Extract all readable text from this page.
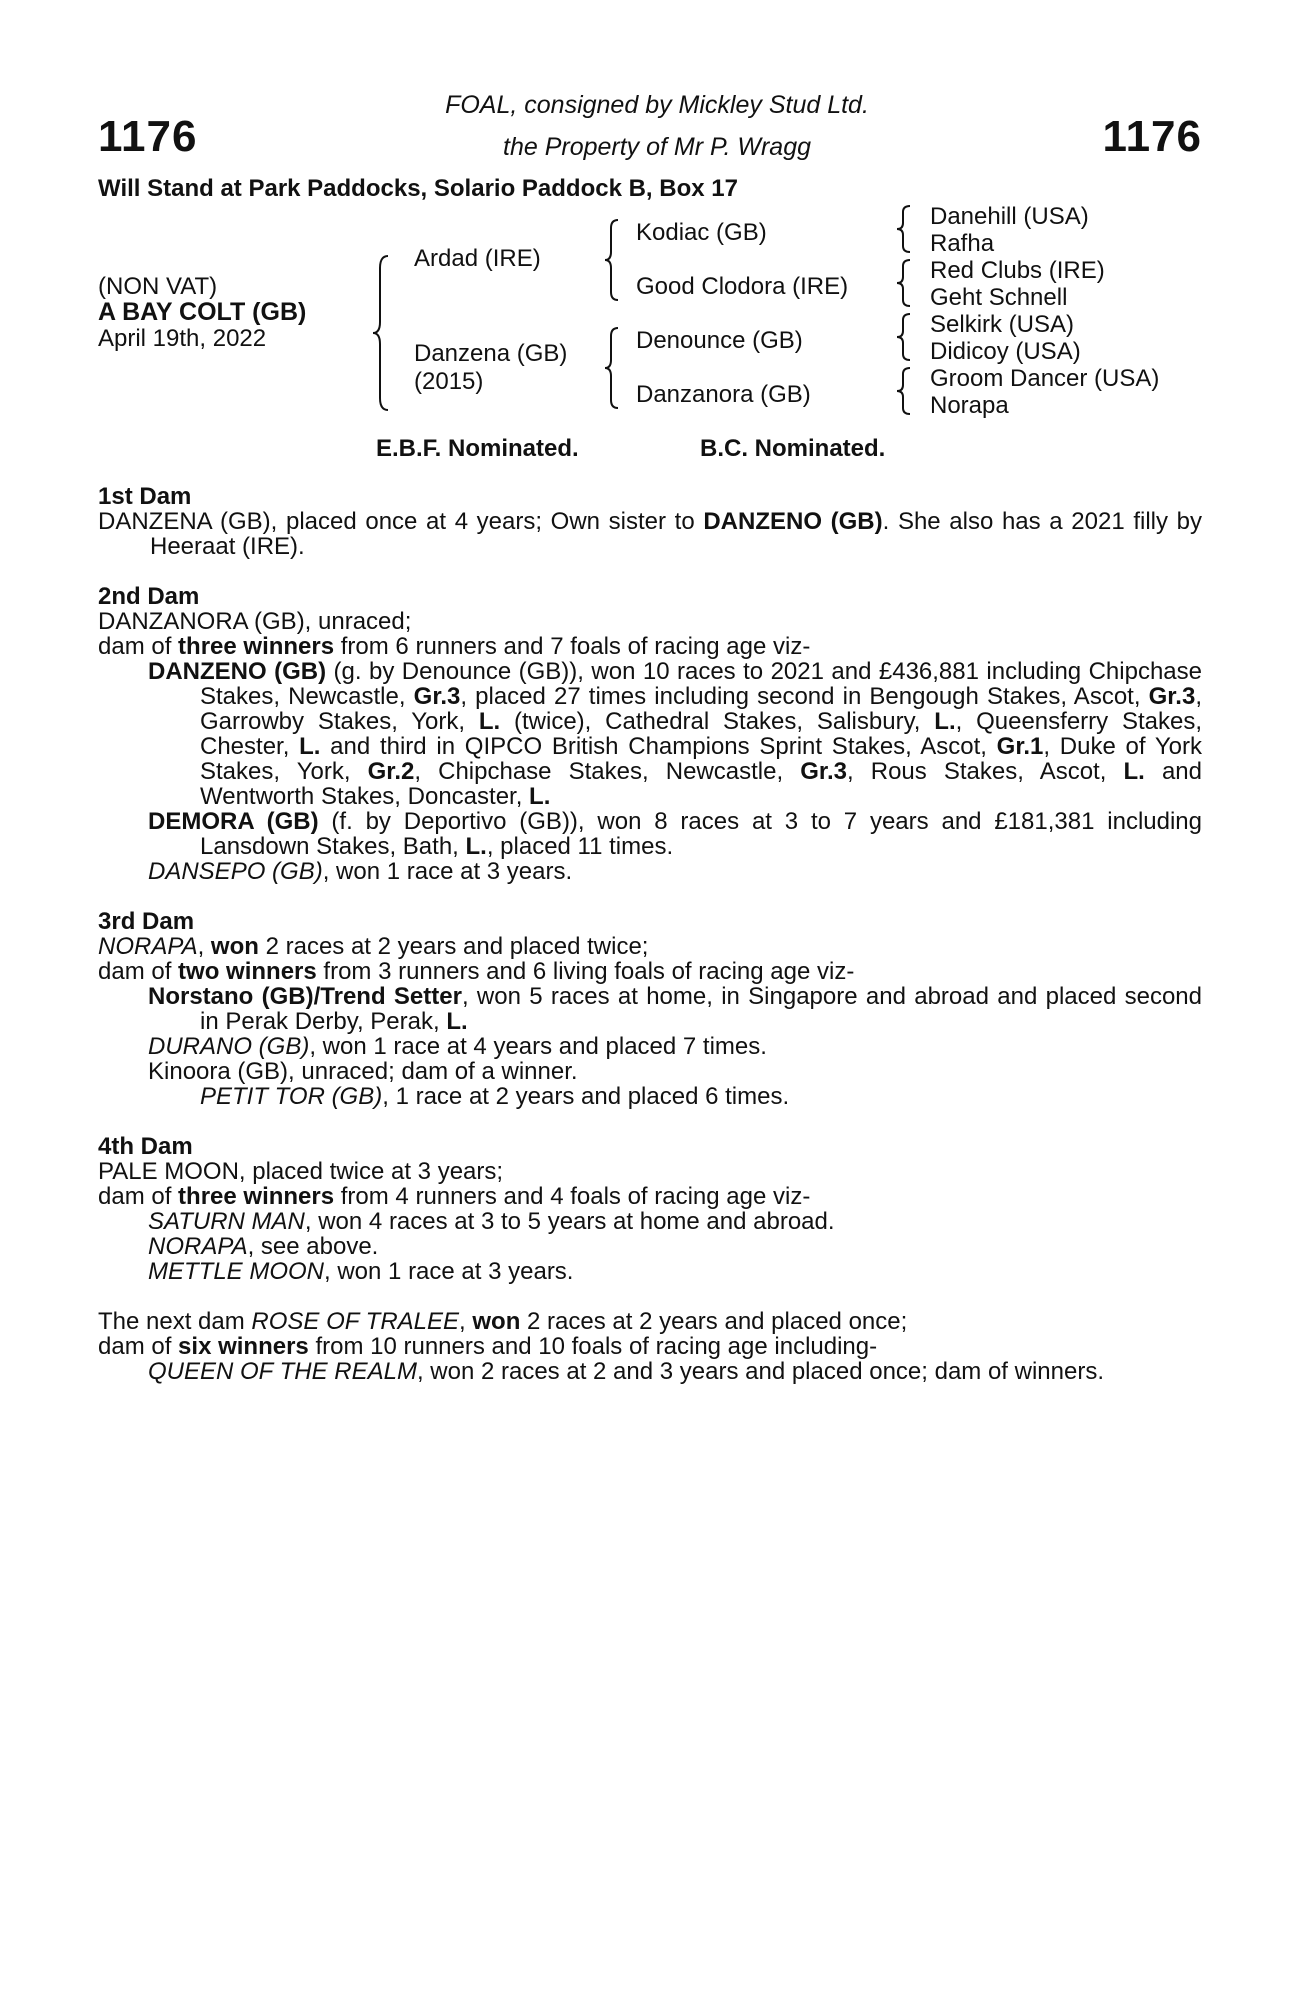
1176	1176
FOAL, consigned by Mickley Stud Ltd.
the Property of Mr P. Wragg
Will Stand at Park Paddocks, Solario Paddock B, Box 17
(NON VAT)
A BAY COLT (GB)
April 19th, 2022
Ardad (IRE)
Danzena (GB)
(2015)
Kodiac (GB)
Good Clodora (IRE)
Denounce (GB)
Danzanora (GB)
Danehill (USA)
Rafha
Red Clubs (IRE)
Geht Schnell
Selkirk (USA)
Didicoy (USA)
Groom Dancer (USA)
Norapa
E.B.F. Nominated.	B.C. Nominated.

1st Dam

DANZENA (GB), placed once at 4 years; Own sister to DANZENO (GB). She also has a 2021 filly by Heeraat (IRE).

2nd Dam

DANZANORA (GB), unraced;

dam of three winners from 6 runners and 7 foals of racing age viz-

DANZENO (GB) (g. by Denounce (GB)), won 10 races to 2021 and £436,881 including Chipchase Stakes, Newcastle, Gr.3, placed 27 times including second in Bengough Stakes, Ascot, Gr.3, Garrowby Stakes, York, L. (twice), Cathedral Stakes, Salisbury, L., Queensferry Stakes, Chester, L. and third in QIPCO British Champions Sprint Stakes, Ascot, Gr.1, Duke of York Stakes, York, Gr.2, Chipchase Stakes, Newcastle, Gr.3, Rous Stakes, Ascot, L. and Wentworth Stakes, Doncaster, L.

DEMORA (GB) (f. by Deportivo (GB)), won 8 races at 3 to 7 years and £181,381 including Lansdown Stakes, Bath, L., placed 11 times.

DANSEPO (GB), won 1 race at 3 years.

3rd Dam

NORAPA, won 2 races at 2 years and placed twice;

dam of two winners from 3 runners and 6 living foals of racing age viz-

Norstano (GB)/Trend Setter, won 5 races at home, in Singapore and abroad and placed second in Perak Derby, Perak, L.

DURANO (GB), won 1 race at 4 years and placed 7 times.

Kinoora (GB), unraced; dam of a winner.

PETIT TOR (GB), 1 race at 2 years and placed 6 times.

4th Dam

PALE MOON, placed twice at 3 years;

dam of three winners from 4 runners and 4 foals of racing age viz-

SATURN MAN, won 4 races at 3 to 5 years at home and abroad.

NORAPA, see above.

METTLE MOON, won 1 race at 3 years.

The next dam ROSE OF TRALEE, won 2 races at 2 years and placed once;

dam of six winners from 10 runners and 10 foals of racing age including-

QUEEN OF THE REALM, won 2 races at 2 and 3 years and placed once; dam of winners.
